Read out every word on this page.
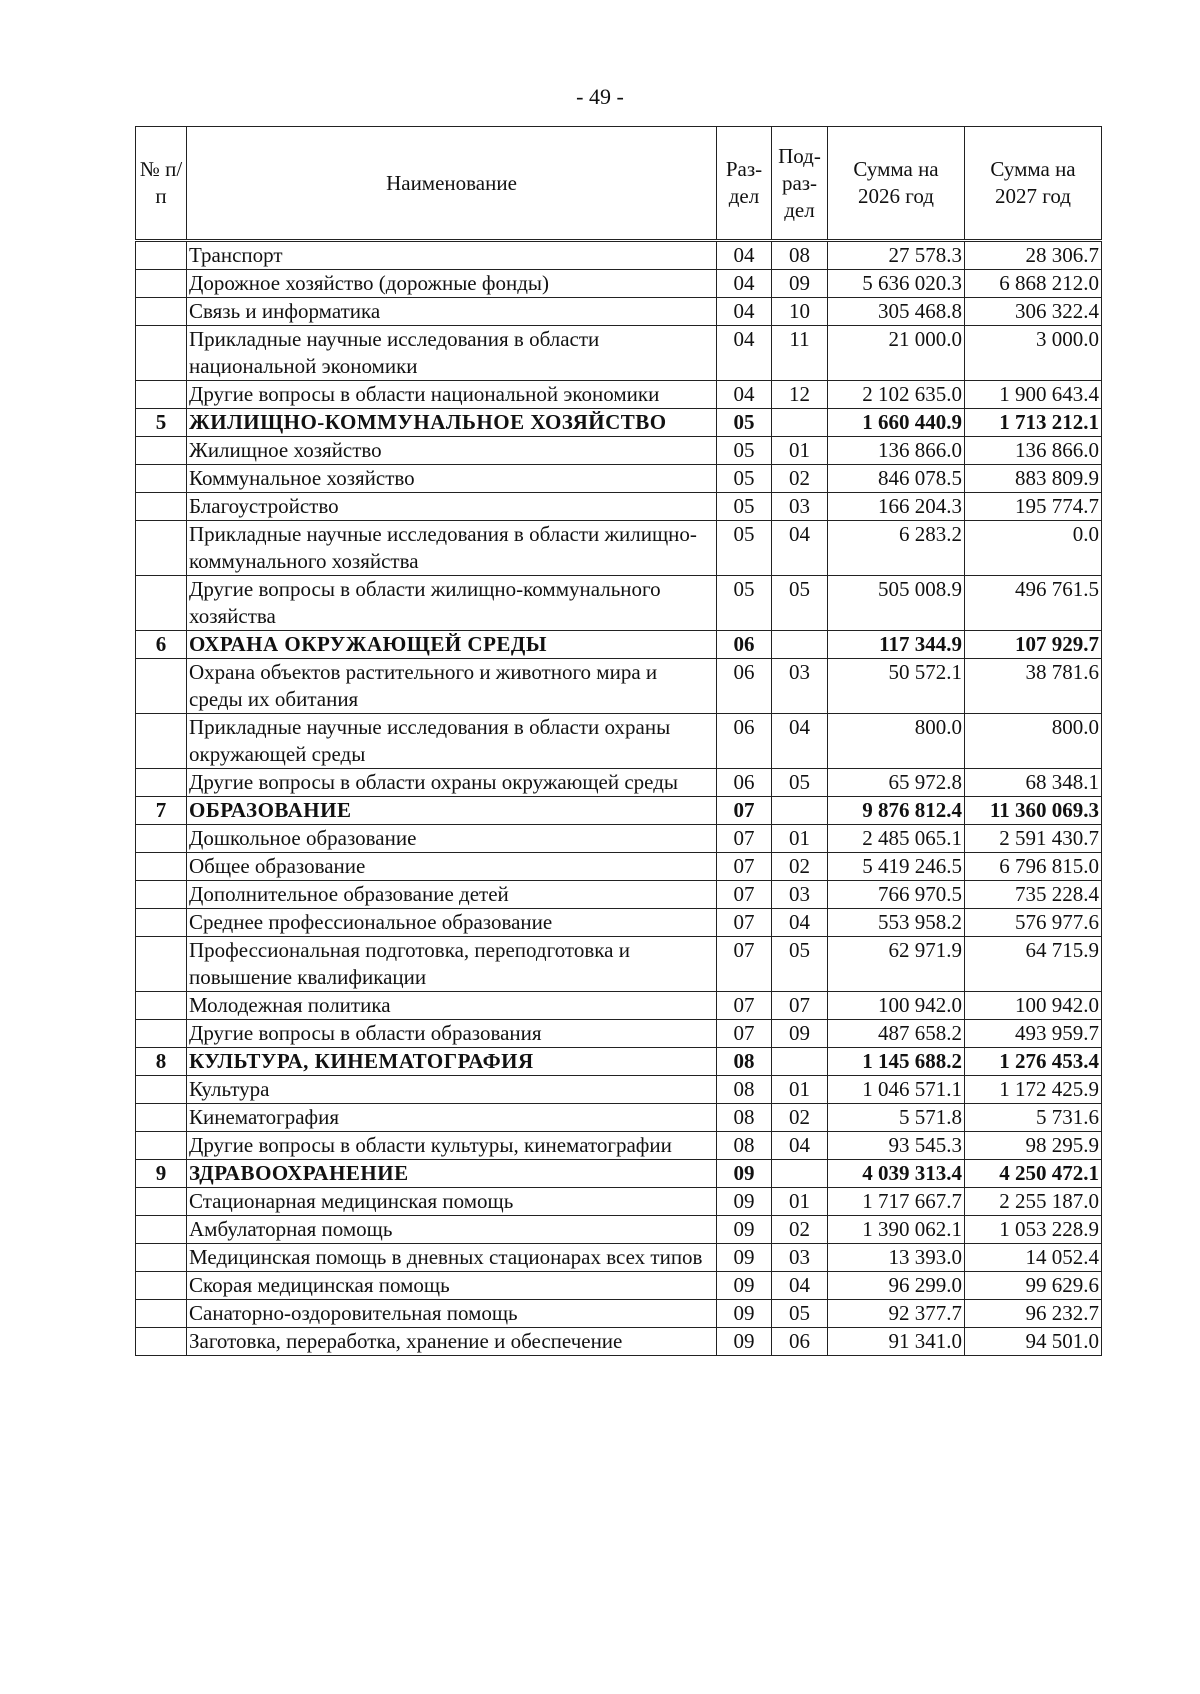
- 49 -
№ п/п	Наименование	Раз-дел	Под-раз-дел	Сумма на 2026 год	Сумма на 2027 год
	Транспорт	04	08	27 578.3	28 306.7
	Дорожное хозяйство (дорожные фонды)	04	09	5 636 020.3	6 868 212.0
	Связь и информатика	04	10	305 468.8	306 322.4
	Прикладные научные исследования в области национальной экономики	04	11	21 000.0	3 000.0
	Другие вопросы в области национальной экономики	04	12	2 102 635.0	1 900 643.4
5	ЖИЛИЩНО-КОММУНАЛЬНОЕ ХОЗЯЙСТВО	05		1 660 440.9	1 713 212.1
	Жилищное хозяйство	05	01	136 866.0	136 866.0
	Коммунальное хозяйство	05	02	846 078.5	883 809.9
	Благоустройство	05	03	166 204.3	195 774.7
	Прикладные научные исследования в области жилищно-коммунального хозяйства	05	04	6 283.2	0.0
	Другие вопросы в области жилищно-коммунального хозяйства	05	05	505 008.9	496 761.5
6	ОХРАНА ОКРУЖАЮЩЕЙ СРЕДЫ	06		117 344.9	107 929.7
	Охрана объектов растительного и животного мира и среды их обитания	06	03	50 572.1	38 781.6
	Прикладные научные исследования в области охраны окружающей среды	06	04	800.0	800.0
	Другие вопросы в области охраны окружающей среды	06	05	65 972.8	68 348.1
7	ОБРАЗОВАНИЕ	07		9 876 812.4	11 360 069.3
	Дошкольное образование	07	01	2 485 065.1	2 591 430.7
	Общее образование	07	02	5 419 246.5	6 796 815.0
	Дополнительное образование детей	07	03	766 970.5	735 228.4
	Среднее профессиональное образование	07	04	553 958.2	576 977.6
	Профессиональная подготовка, переподготовка и повышение квалификации	07	05	62 971.9	64 715.9
	Молодежная политика	07	07	100 942.0	100 942.0
	Другие вопросы в области образования	07	09	487 658.2	493 959.7
8	КУЛЬТУРА, КИНЕМАТОГРАФИЯ	08		1 145 688.2	1 276 453.4
	Культура	08	01	1 046 571.1	1 172 425.9
	Кинематография	08	02	5 571.8	5 731.6
	Другие вопросы в области культуры, кинематографии	08	04	93 545.3	98 295.9
9	ЗДРАВООХРАНЕНИЕ	09		4 039 313.4	4 250 472.1
	Стационарная медицинская помощь	09	01	1 717 667.7	2 255 187.0
	Амбулаторная помощь	09	02	1 390 062.1	1 053 228.9
	Медицинская помощь в дневных стационарах всех типов	09	03	13 393.0	14 052.4
	Скорая медицинская помощь	09	04	96 299.0	99 629.6
	Санаторно-оздоровительная помощь	09	05	92 377.7	96 232.7
	Заготовка, переработка, хранение и обеспечение	09	06	91 341.0	94 501.0
